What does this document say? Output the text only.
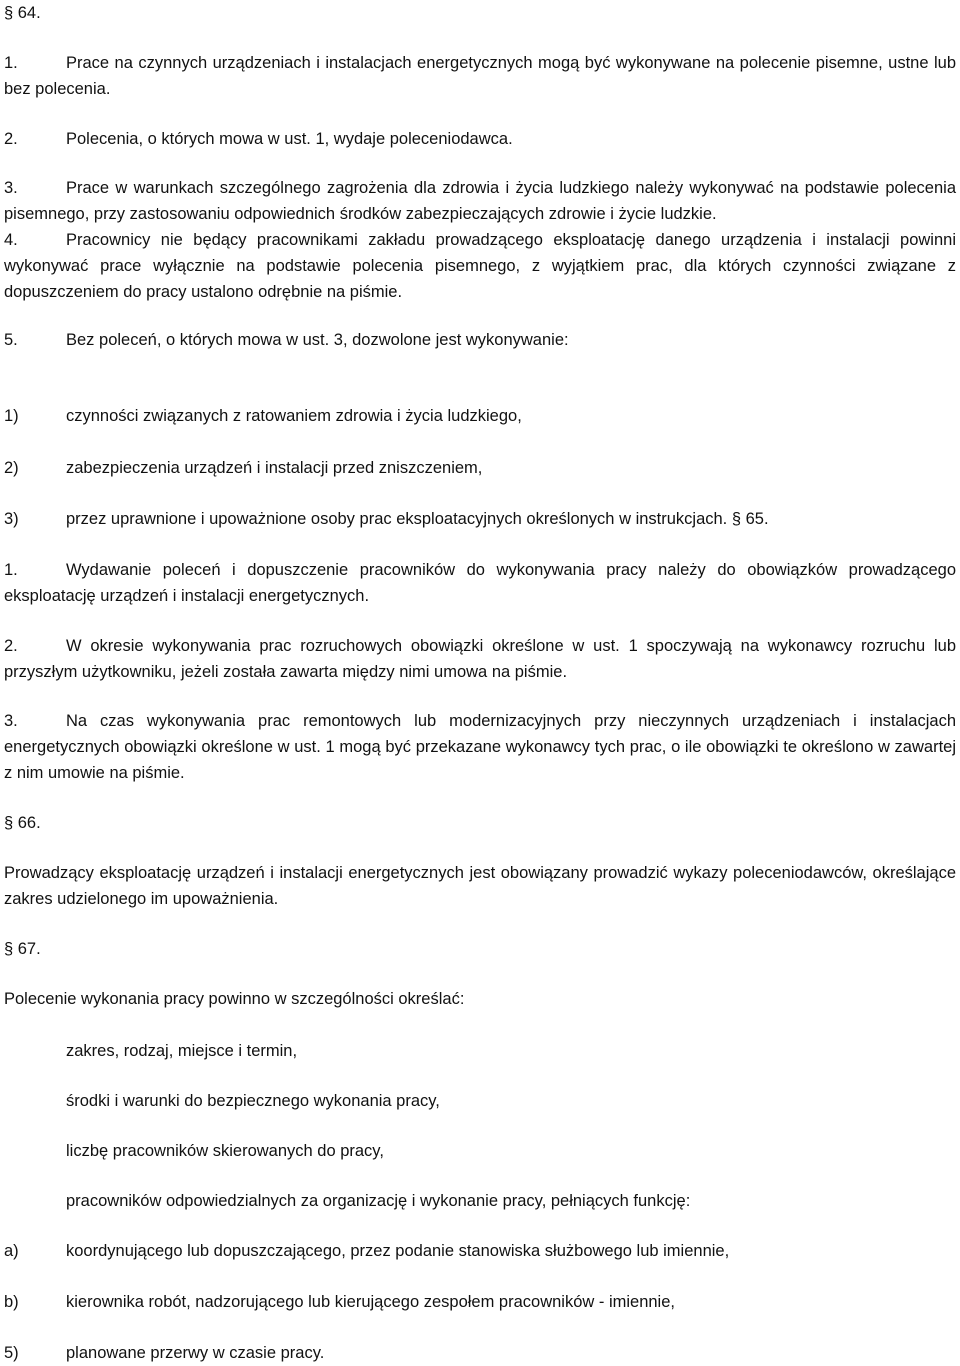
§ 64.
1.	Prace na czynnych urządzeniach i instalacjach energetycznych mogą być wykonywane na polecenie pisemne, ustne lub bez polecenia.
2.	Polecenia, o których mowa w ust. 1, wydaje poleceniodawca.
3.	Prace w warunkach szczególnego zagrożenia dla zdrowia i życia ludzkiego należy wykonywać na podstawie polecenia pisemnego, przy zastosowaniu odpowiednich środków zabezpieczających zdrowie i życie ludzkie.
4.	Pracownicy nie będący pracownikami zakładu prowadzącego eksploatację danego urządzenia i instalacji powinni wykonywać prace wyłącznie na podstawie polecenia pisemnego, z wyjątkiem prac, dla których czynności związane z dopuszczeniem do pracy ustalono odrębnie na piśmie.
5.	Bez poleceń, o których mowa w ust. 3, dozwolone jest wykonywanie:
1)	czynności związanych z ratowaniem zdrowia i życia ludzkiego,
2)	zabezpieczenia urządzeń i instalacji przed zniszczeniem,
3)	przez uprawnione i upoważnione osoby prac eksploatacyjnych określonych w instrukcjach. § 65.
1.	Wydawanie poleceń i dopuszczenie pracowników do wykonywania pracy należy do obowiązków prowadzącego eksploatację urządzeń i instalacji energetycznych.
2.	W okresie wykonywania prac rozruchowych obowiązki określone w ust. 1 spoczywają na wykonawcy rozruchu lub przyszłym użytkowniku, jeżeli została zawarta między nimi umowa na piśmie.
3.	Na czas wykonywania prac remontowych lub modernizacyjnych przy nieczynnych urządzeniach i instalacjach energetycznych obowiązki określone w ust. 1 mogą być przekazane wykonawcy tych prac, o ile obowiązki te określono w zawartej z nim umowie na piśmie.
§ 66.
Prowadzący eksploatację urządzeń i instalacji energetycznych jest obowiązany prowadzić wykazy poleceniodawców, określające zakres udzielonego im upoważnienia.
§ 67.
Polecenie wykonania pracy powinno w szczególności określać:
zakres, rodzaj, miejsce i termin,
środki i warunki do bezpiecznego wykonania pracy,
liczbę pracowników skierowanych do pracy,
pracowników odpowiedzialnych za organizację i wykonanie pracy, pełniących funkcję:
a)	koordynującego lub dopuszczającego, przez podanie stanowiska służbowego lub imiennie,
b)	kierownika robót, nadzorującego lub kierującego zespołem pracowników - imiennie,
5)	planowane przerwy w czasie pracy.
